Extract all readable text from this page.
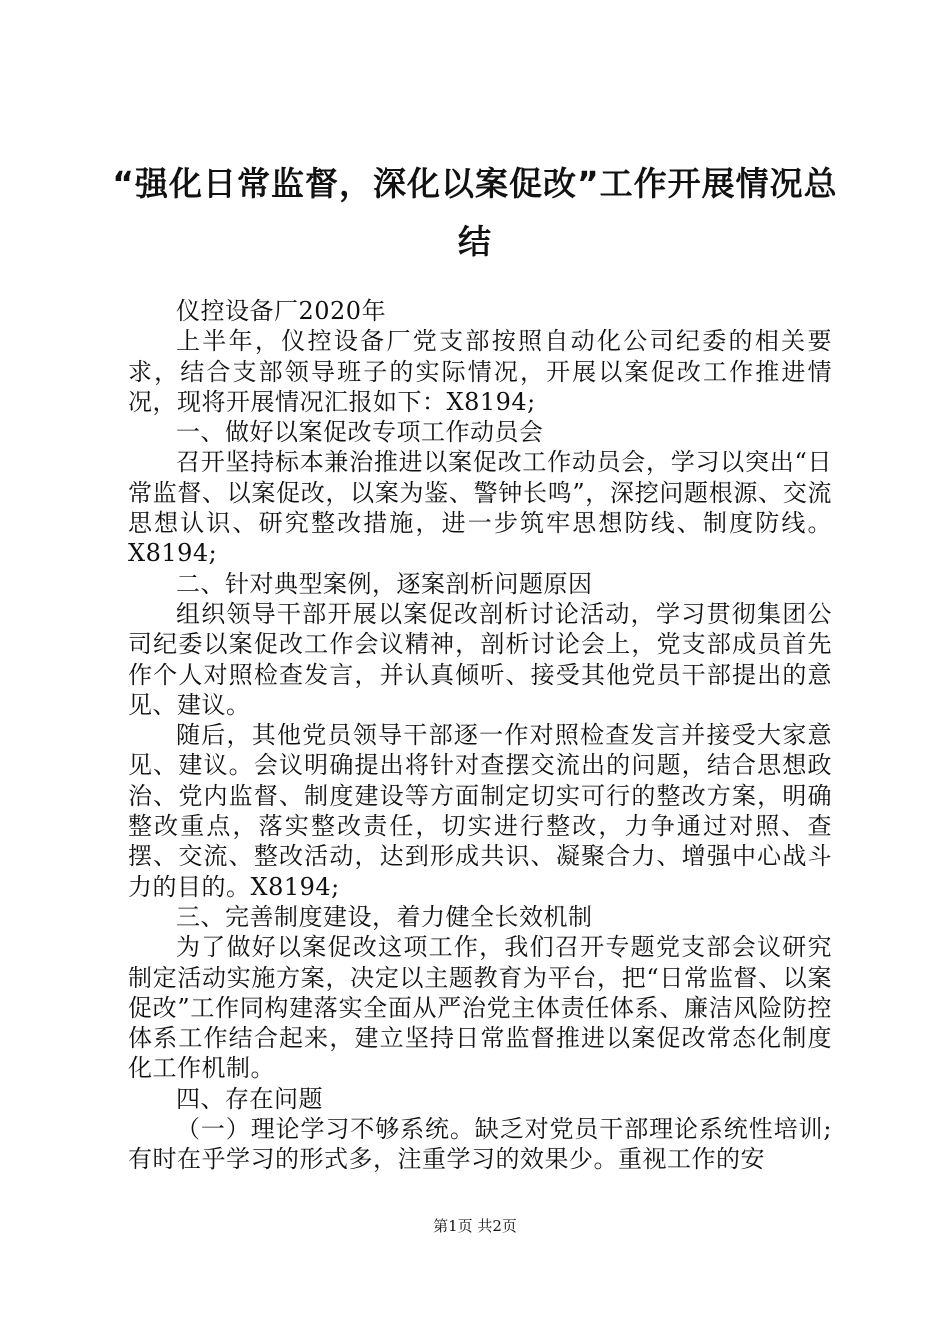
“强化日常监督，深化以案促改”工作开展情况总结

仪控设备厂2020年

上半年，仪控设备厂党支部按照自动化公司纪委的相关要求，结合支部领导班子的实际情况，开展以案促改工作推进情况，现将开展情况汇报如下：X8194;

一、做好以案促改专项工作动员会

召开坚持标本兼治推进以案促改工作动员会，学习以突出“日常监督、以案促改，以案为鉴、警钟长鸣”，深挖问题根源、交流思想认识、研究整改措施，进一步筑牢思想防线、制度防线。X8194;

二、针对典型案例，逐案剖析问题原因

组织领导干部开展以案促改剖析讨论活动，学习贯彻集团公司纪委以案促改工作会议精神，剖析讨论会上，党支部成员首先作个人对照检查发言，并认真倾听、接受其他党员干部提出的意见、建议。

随后，其他党员领导干部逐一作对照检查发言并接受大家意见、建议。会议明确提出将针对查摆交流出的问题，结合思想政治、党内监督、制度建设等方面制定切实可行的整改方案，明确整改重点，落实整改责任，切实进行整改，力争通过对照、查摆、交流、整改活动，达到形成共识、凝聚合力、增强中心战斗力的目的。X8194;

三、完善制度建设，着力健全长效机制

为了做好以案促改这项工作，我们召开专题党支部会议研究制定活动实施方案，决定以主题教育为平台，把“日常监督、以案促改”工作同构建落实全面从严治党主体责任体系、廉洁风险防控体系工作结合起来，建立坚持日常监督推进以案促改常态化制度化工作机制。

四、存在问题

（一）理论学习不够系统。缺乏对党员干部理论系统性培训;有时在乎学习的形式多，注重学习的效果少。重视工作的安

第1页 共2页
